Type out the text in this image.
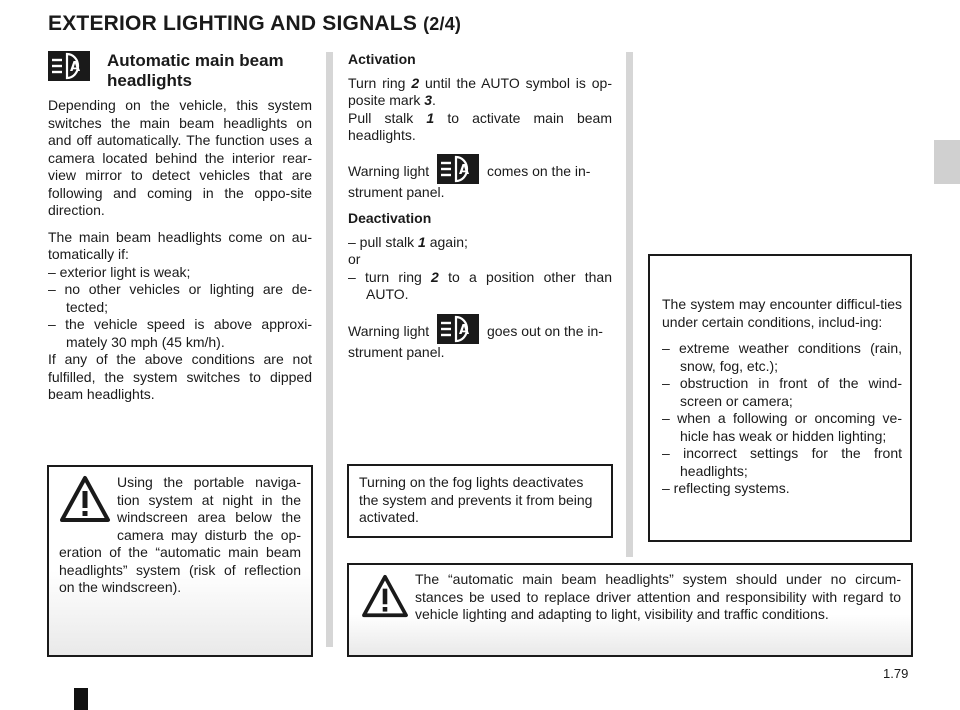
EXTERIOR LIGHTING AND SIGNALS (2/4)
A Automatic main beam
headlights

Depending on the vehicle, this system switches the main beam headlights on and off automatically. The function uses a camera located behind the interior rear-view mirror to detect vehicles that are following and coming in the oppo-site direction.

The main beam headlights come on au-tomatically if:

– exterior light is weak;
– no other vehicles or lighting are de-tected;
– the vehicle speed is above approxi-mately 30 mph (45 km/h).

If any of the above conditions are not fulfilled, the system switches to dipped beam headlights.

Using the portable naviga-tion system at night in the windscreen area below the camera may disturb the op-eration of the “automatic main beam headlights” system (risk of reflection on the windscreen).
Activation

Turn ring 2 until the AUTO symbol is op-posite mark 3.

Pull stalk 1 to activate main beam headlights.

Warning light A comes on the in-strument panel.

Deactivation
– pull stalk 1 again;
or
– turn ring 2 to a position other than AUTO.

Warning light A goes out on the in-strument panel.

Turning on the fog lights deactivates the system and prevents it from being activated.

The system may encounter difficul-ties under certain conditions, includ-ing:

– extreme weather conditions (rain, snow, fog, etc.);
– obstruction in front of the wind-screen or camera;
– when a following or oncoming ve-hicle has weak or hidden lighting;
– incorrect settings for the front headlights;
– reflecting systems.
The “automatic main beam headlights” system should under no circum-stances be used to replace driver attention and responsibility with regard to vehicle lighting and adapting to light, visibility and traffic conditions.
1.79
